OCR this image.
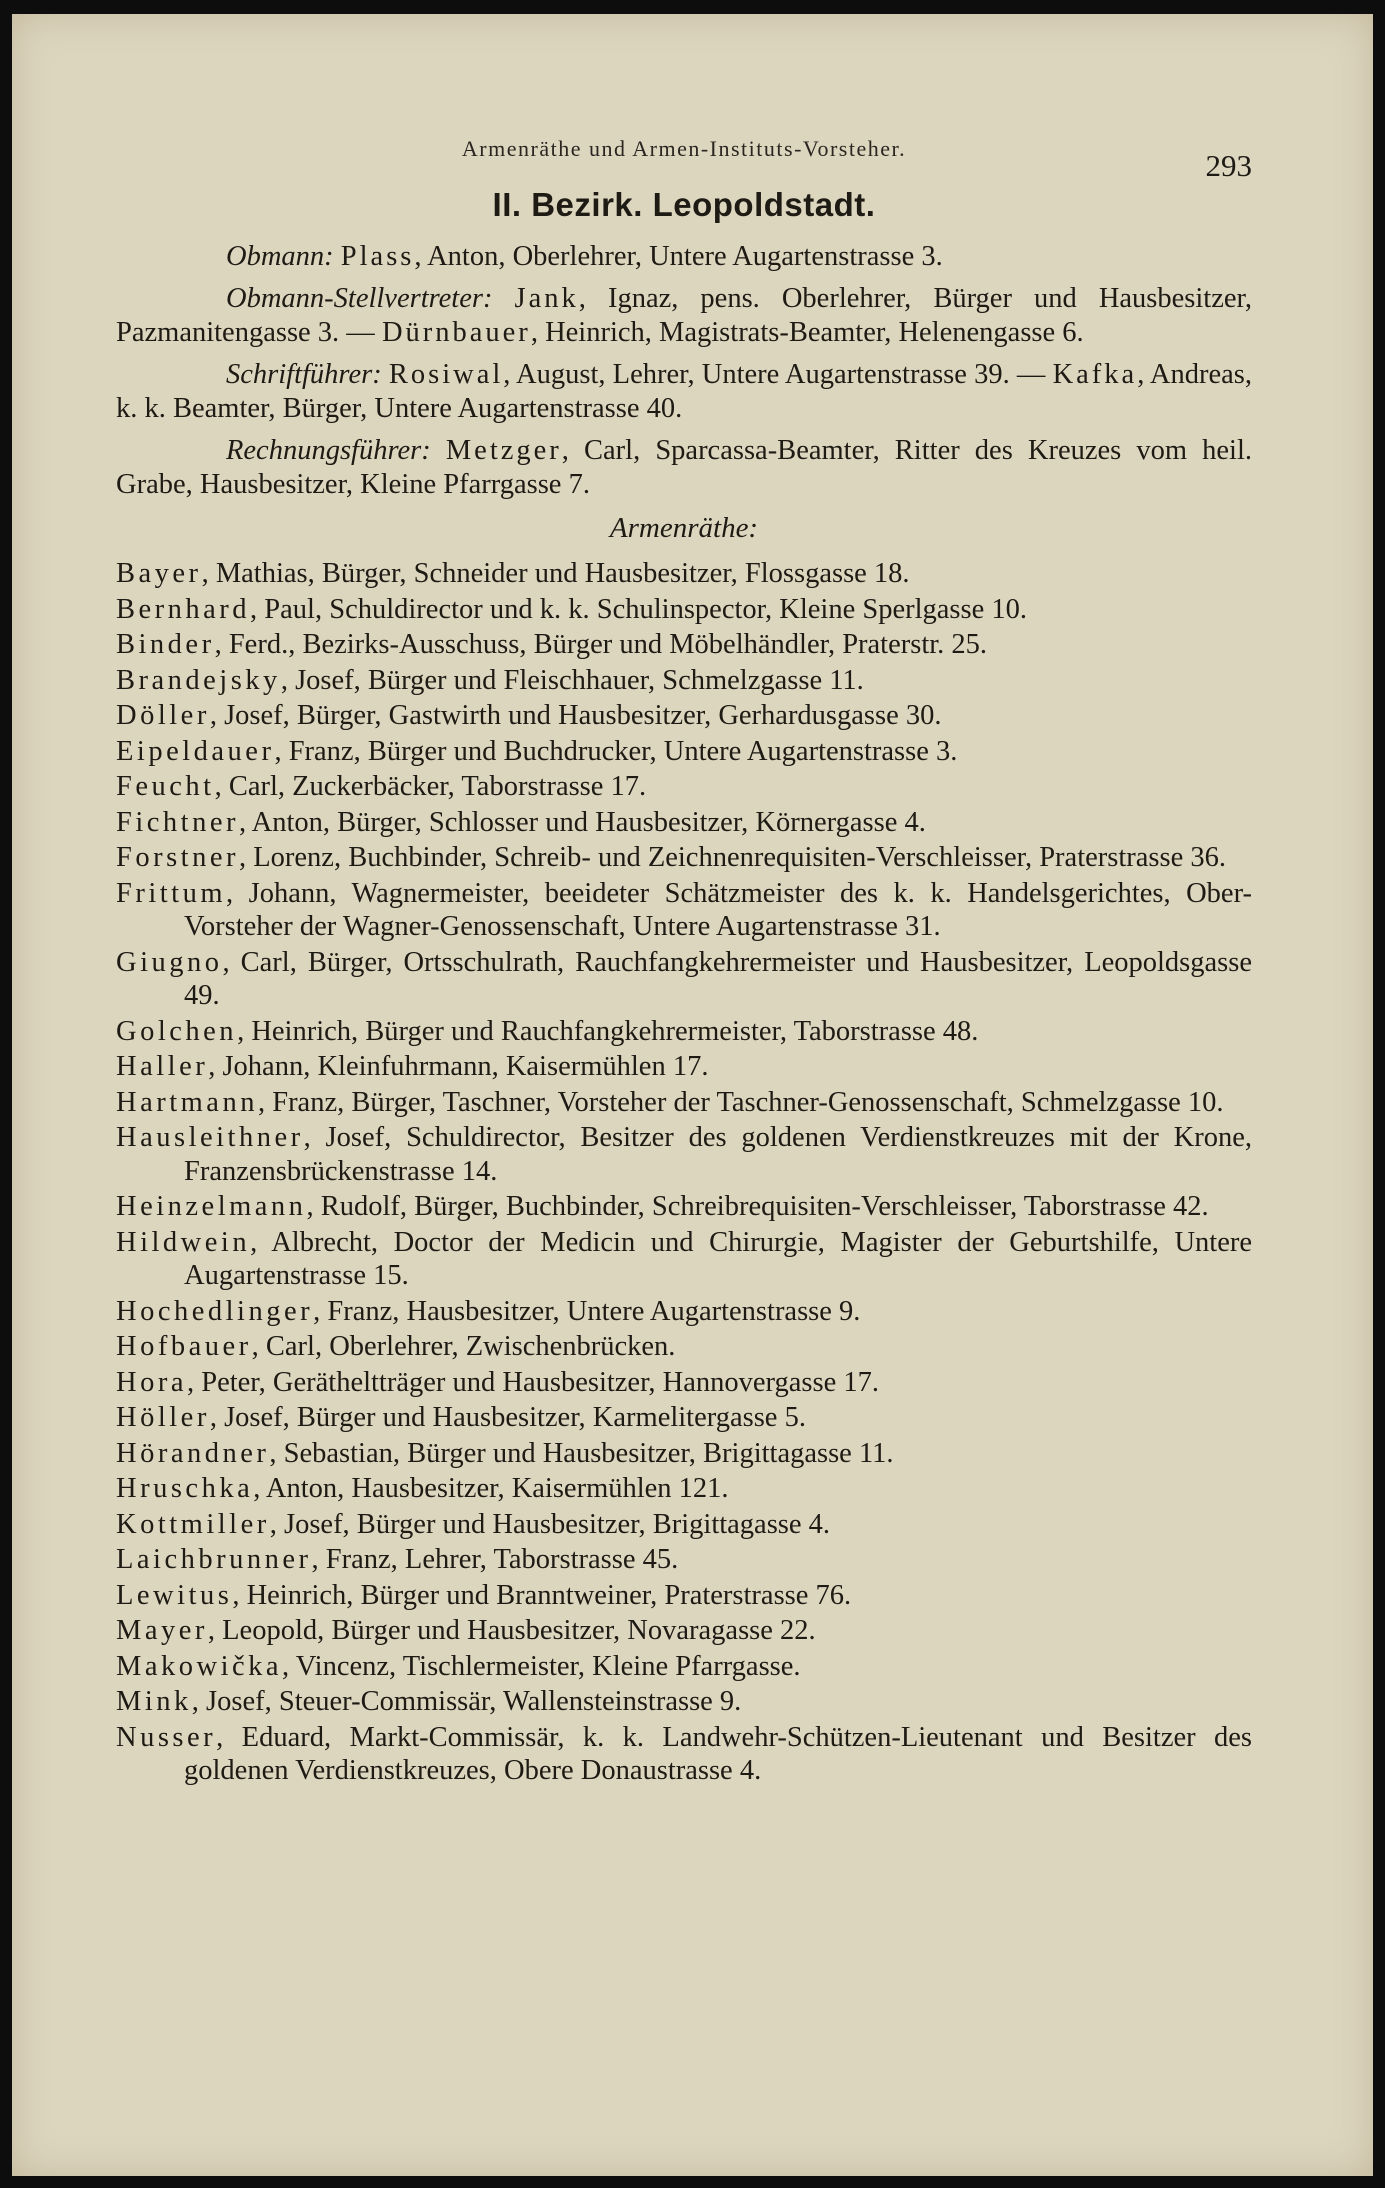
Armenräthe und Armen-Instituts-Vorsteher.	293
II. Bezirk. Leopoldstadt.

Obmann: Plass, Anton, Oberlehrer, Untere Augartenstrasse 3.

Obmann-Stellvertreter: Jank, Ignaz, pens. Oberlehrer, Bürger und Hausbesitzer, Pazmanitengasse 3. — Dürnbauer, Heinrich, Magistrats-Beamter, Helenengasse 6.

Schriftführer: Rosiwal, August, Lehrer, Untere Augartenstrasse 39. — Kafka, Andreas, k. k. Beamter, Bürger, Untere Augartenstrasse 40.

Rechnungsführer: Metzger, Carl, Sparcassa-Beamter, Ritter des Kreuzes vom heil. Grabe, Hausbesitzer, Kleine Pfarrgasse 7.

Armenräthe:

Bayer, Mathias, Bürger, Schneider und Hausbesitzer, Flossgasse 18.

Bernhard, Paul, Schuldirector und k. k. Schulinspector, Kleine Sperlgasse 10.

Binder, Ferd., Bezirks-Ausschuss, Bürger und Möbelhändler, Praterstr. 25.

Brandejsky, Josef, Bürger und Fleischhauer, Schmelzgasse 11.

Döller, Josef, Bürger, Gastwirth und Hausbesitzer, Gerhardusgasse 30.

Eipeldauer, Franz, Bürger und Buchdrucker, Untere Augartenstrasse 3.

Feucht, Carl, Zuckerbäcker, Taborstrasse 17.

Fichtner, Anton, Bürger, Schlosser und Hausbesitzer, Körnergasse 4.

Forstner, Lorenz, Buchbinder, Schreib- und Zeichnenrequisiten-Verschleisser, Praterstrasse 36.

Frittum, Johann, Wagnermeister, beeideter Schätzmeister des k. k. Handelsgerichtes, Ober-Vorsteher der Wagner-Genossenschaft, Untere Augartenstrasse 31.

Giugno, Carl, Bürger, Ortsschulrath, Rauchfangkehrermeister und Hausbesitzer, Leopoldsgasse 49.

Golchen, Heinrich, Bürger und Rauchfangkehrermeister, Taborstrasse 48.

Haller, Johann, Kleinfuhrmann, Kaisermühlen 17.

Hartmann, Franz, Bürger, Taschner, Vorsteher der Taschner-Genossenschaft, Schmelzgasse 10.

Hausleithner, Josef, Schuldirector, Besitzer des goldenen Verdienstkreuzes mit der Krone, Franzensbrückenstrasse 14.

Heinzelmann, Rudolf, Bürger, Buchbinder, Schreibrequisiten-Verschleisser, Taborstrasse 42.

Hildwein, Albrecht, Doctor der Medicin und Chirurgie, Magister der Geburtshilfe, Untere Augartenstrasse 15.

Hochedlinger, Franz, Hausbesitzer, Untere Augartenstrasse 9.

Hofbauer, Carl, Oberlehrer, Zwischenbrücken.

Hora, Peter, Gerätheltträger und Hausbesitzer, Hannovergasse 17.

Höller, Josef, Bürger und Hausbesitzer, Karmelitergasse 5.

Hörandner, Sebastian, Bürger und Hausbesitzer, Brigittagasse 11.

Hruschka, Anton, Hausbesitzer, Kaisermühlen 121.

Kottmiller, Josef, Bürger und Hausbesitzer, Brigittagasse 4.

Laichbrunner, Franz, Lehrer, Taborstrasse 45.

Lewitus, Heinrich, Bürger und Branntweiner, Praterstrasse 76.

Mayer, Leopold, Bürger und Hausbesitzer, Novaragasse 22.

Makowička, Vincenz, Tischlermeister, Kleine Pfarrgasse.

Mink, Josef, Steuer-Commissär, Wallensteinstrasse 9.

Nusser, Eduard, Markt-Commissär, k. k. Landwehr-Schützen-Lieutenant und Besitzer des goldenen Verdienstkreuzes, Obere Donaustrasse 4.
